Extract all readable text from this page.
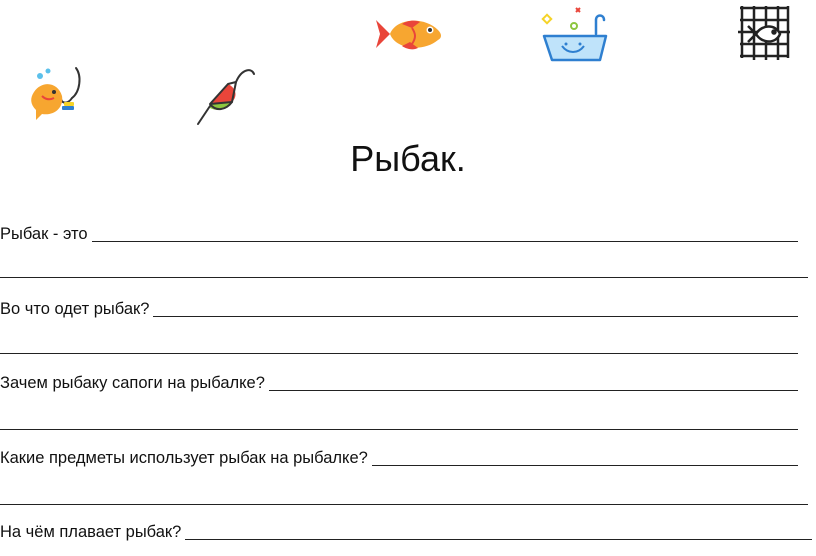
Рыбак.
Рыбак - это
Во что одет рыбак?
Зачем рыбаку сапоги на рыбалке?
Какие предметы использует рыбак на рыбалке?
На чём плавает рыбак?
